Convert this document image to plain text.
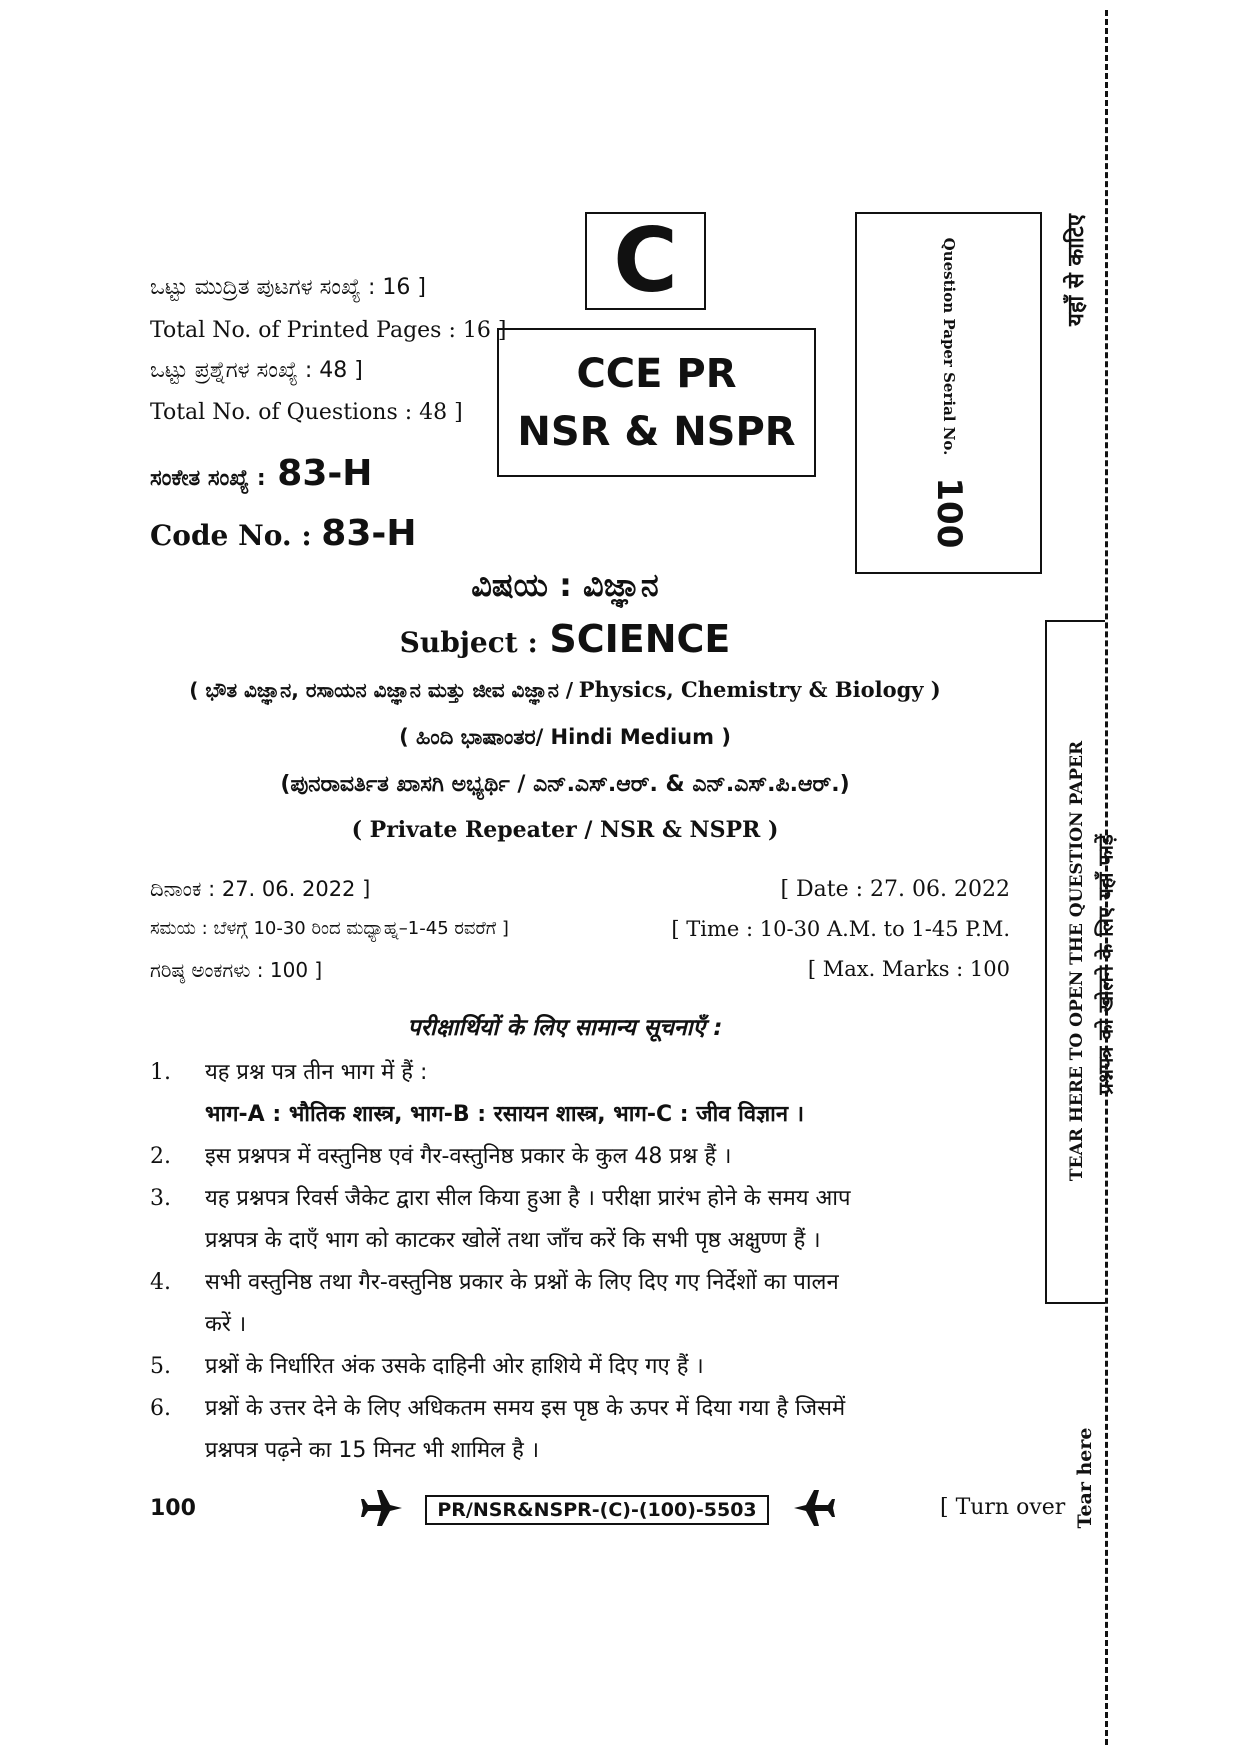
ಒಟ್ಟು ಮುದ್ರಿತ ಪುಟಗಳ ಸಂಖ್ಯೆ : 16 ]
Total No. of Printed Pages : 16 ]
ಒಟ್ಟು ಪ್ರಶ್ನೆಗಳ ಸಂಖ್ಯೆ : 48 ]
Total No. of Questions : 48 ]
ಸಂಕೇತ ಸಂಖ್ಯೆ : 83-H
Code No. : 83-H
C
CCE PR
NSR & NSPR	Question Paper Serial No.
100
ವಿಷಯ : ವಿಜ್ಞಾನ
Subject : SCIENCE
( ಭೌತ ವಿಜ್ಞಾನ, ರಸಾಯನ ವಿಜ್ಞಾನ ಮತ್ತು ಜೀವ ವಿಜ್ಞಾನ / Physics, Chemistry & Biology )
( ಹಿಂದಿ ಭಾಷಾಂತರ/ Hindi Medium )
(ಪುನರಾವರ್ತಿತ ಖಾಸಗಿ ಅಭ್ಯರ್ಥಿ / ಎನ್.ಎಸ್.ಆರ್. & ಎನ್.ಎಸ್.ಪಿ.ಆರ್.)
( Private Repeater / NSR & NSPR )
ದಿನಾಂಕ : 27. 06. 2022 ]	[ Date : 27. 06. 2022
ಸಮಯ : ಬೆಳಗ್ಗೆ 10-30 ರಿಂದ ಮಧ್ಯಾಹ್ನ–1-45 ರವರೆಗೆ ]	[ Time : 10-30 A.M. to 1-45 P.M.
ಗರಿಷ್ಠ ಅಂಕಗಳು : 100 ]	[ Max. Marks : 100
परीक्षार्थियों के लिए सामान्य सूचनाएँ :
1. यह प्रश्न पत्र तीन भाग में हैं :
भाग-A : भौतिक शास्त्र, भाग-B : रसायन शास्त्र, भाग-C : जीव विज्ञान ।
2. इस प्रश्नपत्र में वस्तुनिष्ठ एवं गैर-वस्तुनिष्ठ प्रकार के कुल 48 प्रश्न हैं ।
3. यह प्रश्नपत्र रिवर्स जैकेट द्वारा सील किया हुआ है । परीक्षा प्रारंभ होने के समय आप
प्रश्नपत्र के दाएँ भाग को काटकर खोलें तथा जाँच करें कि सभी पृष्ठ अक्षुण्ण हैं ।
4. सभी वस्तुनिष्ठ तथा गैर-वस्तुनिष्ठ प्रकार के प्रश्नों के लिए दिए गए निर्देशों का पालन
करें ।
5. प्रश्नों के निर्धारित अंक उसके दाहिनी ओर हाशिये में दिए गए हैं ।
6. प्रश्नों के उत्तर देने के लिए अधिकतम समय इस पृष्ठ के ऊपर में दिया गया है जिसमें
प्रश्नपत्र पढ़ने का 15 मिनट भी शामिल है ।
यहाँ से काटिए
TEAR HERE TO OPEN THE QUESTION PAPER प्रश्नपत्र को खोलने के लिए यहाँ फाड़ें
Tear here
100	PR/NSR&NSPR-(C)-(100)-5503	[ Turn over
